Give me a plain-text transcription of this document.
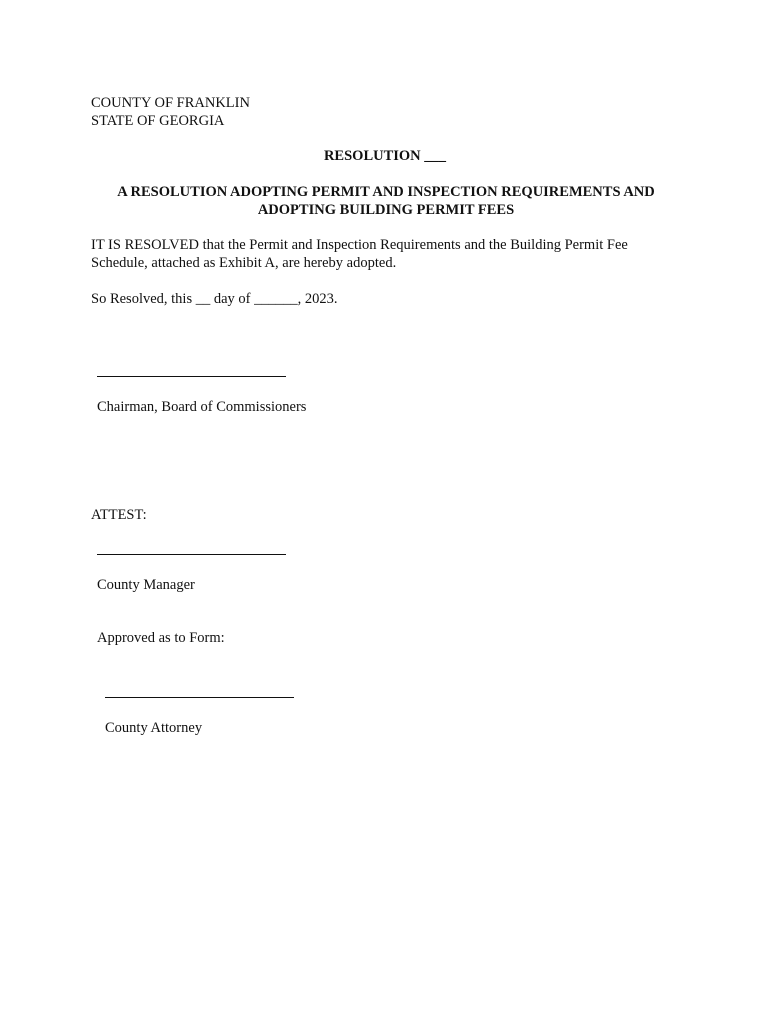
COUNTY OF FRANKLIN
STATE OF GEORGIA
RESOLUTION ___
A RESOLUTION ADOPTING PERMIT AND INSPECTION REQUIREMENTS AND
ADOPTING BUILDING PERMIT FEES
IT IS RESOLVED that the Permit and Inspection Requirements and the Building Permit Fee Schedule, attached as Exhibit A, are hereby adopted.
So Resolved, this __ day of ______, 2023.
Chairman, Board of Commissioners
ATTEST:
County Manager
Approved as to Form:
County Attorney
